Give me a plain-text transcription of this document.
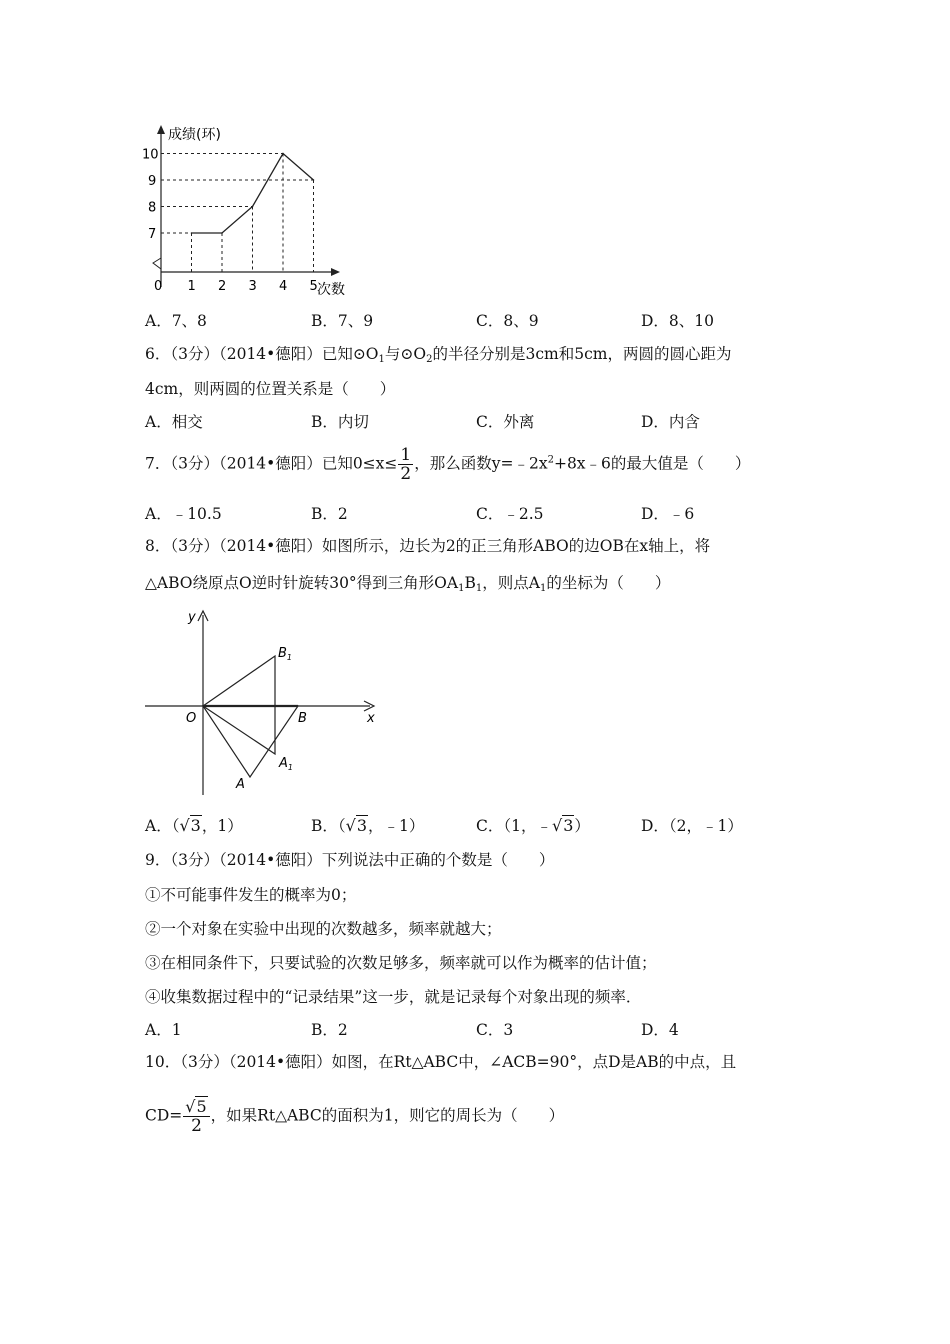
成绩(环)
次数
0 1 2 3 4 5
7
8
9
10
A．7、8	B．7、9	C．8、9	D．8、10
6．（3分）（2014•德阳）已知$⊙O_1$与$⊙O_2$的半径分别是3cm和5cm，两圆的圆心距为
4cm，则两圆的位置关系是（　　）
A．相交	B．内切	C．外离	D．内含
7．（3分）（2014•德阳）已知$0\le x\le \frac{1}{2}$ ，那么函数$y=﹣2x^2+8x﹣6$的最大值是（　　）
A．﹣10.5	B．2	C．﹣2.5	D．﹣6
8．（3分）（2014•德阳）如图所示，边长为2的正三角形ABO的边OB在x轴上，将
△ABO绕原点O逆时针旋转30°得到三角形$OA_1B_1$，则点$A_1$的坐标为（　　）
y
x
O	B
A
$B_1$
$A_1$
A．（√3，1）	B．（√3，﹣1）	C．（1，﹣√3）	D．（2，﹣1）
9．（3分）（2014•德阳）下列说法中正确的个数是（　　）
①不可能事件发生的概率为0；
②一个对象在实验中出现的次数越多，频率就越大；
③在相同条件下，只要试验的次数足够多，频率就可以作为概率的估计值；
④收集数据过程中的“记录结果”这一步，就是记录每个对象出现的频率．
A．1	B．2	C．3	D．4
10．（3分）（2014•德阳）如图，在Rt△ABC中，∠ACB=90°，点D是AB的中点，且
$CD= \frac{√5}{2}$ ，如果Rt△ABC的面积为1，则它的周长为（　　）
